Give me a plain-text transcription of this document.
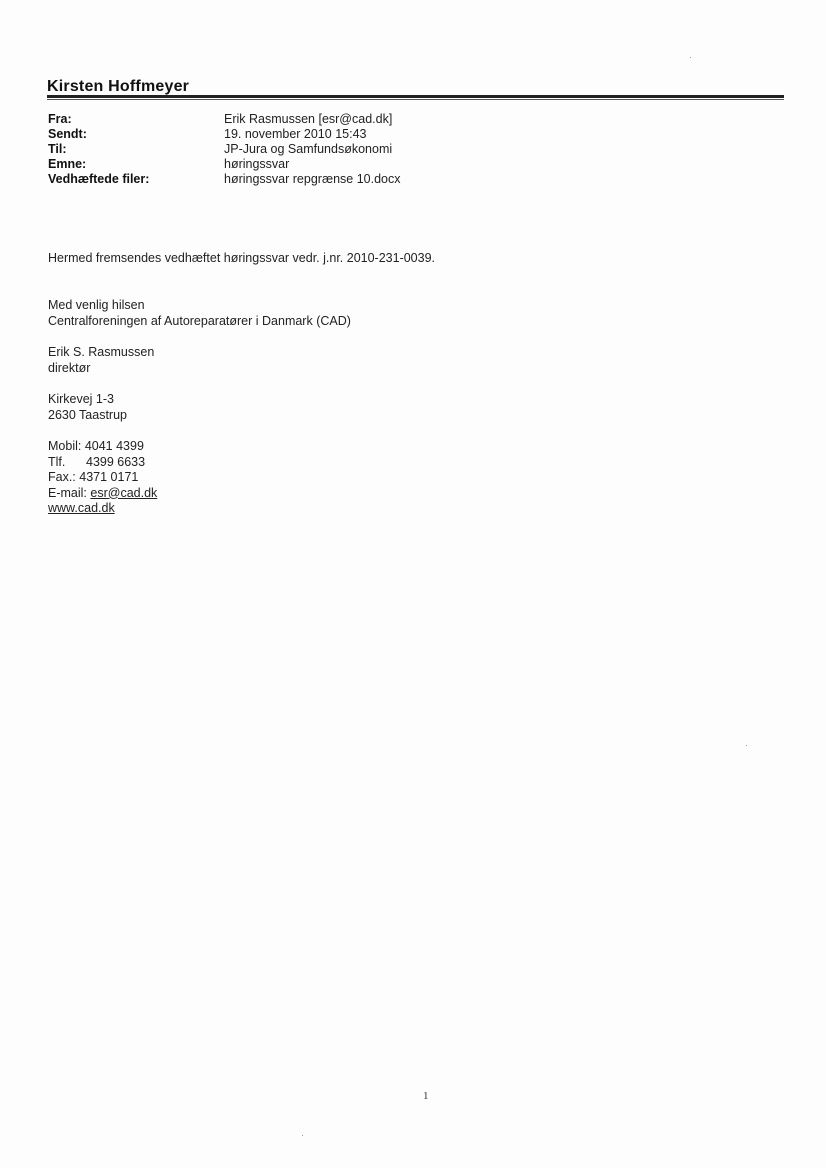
Kirsten Hoffmeyer
Fra:	Erik Rasmussen [esr@cad.dk]
Sendt:	19. november 2010 15:43
Til:	JP-Jura og Samfundsøkonomi
Emne:	høringssvar
Vedhæftede filer:	høringssvar repgrænse 10.docx
Hermed fremsendes vedhæftet høringssvar vedr. j.nr. 2010-231-0039.
Med venlig hilsen
Centralforeningen af Autoreparatører i Danmark (CAD)
Erik S. Rasmussen
direktør
Kirkevej 1-3
2630 Taastrup
Mobil: 4041 4399
Tlf. 4399 6633
Fax.: 4371 0171
E-mail: esr@cad.dk
www.cad.dk
1
